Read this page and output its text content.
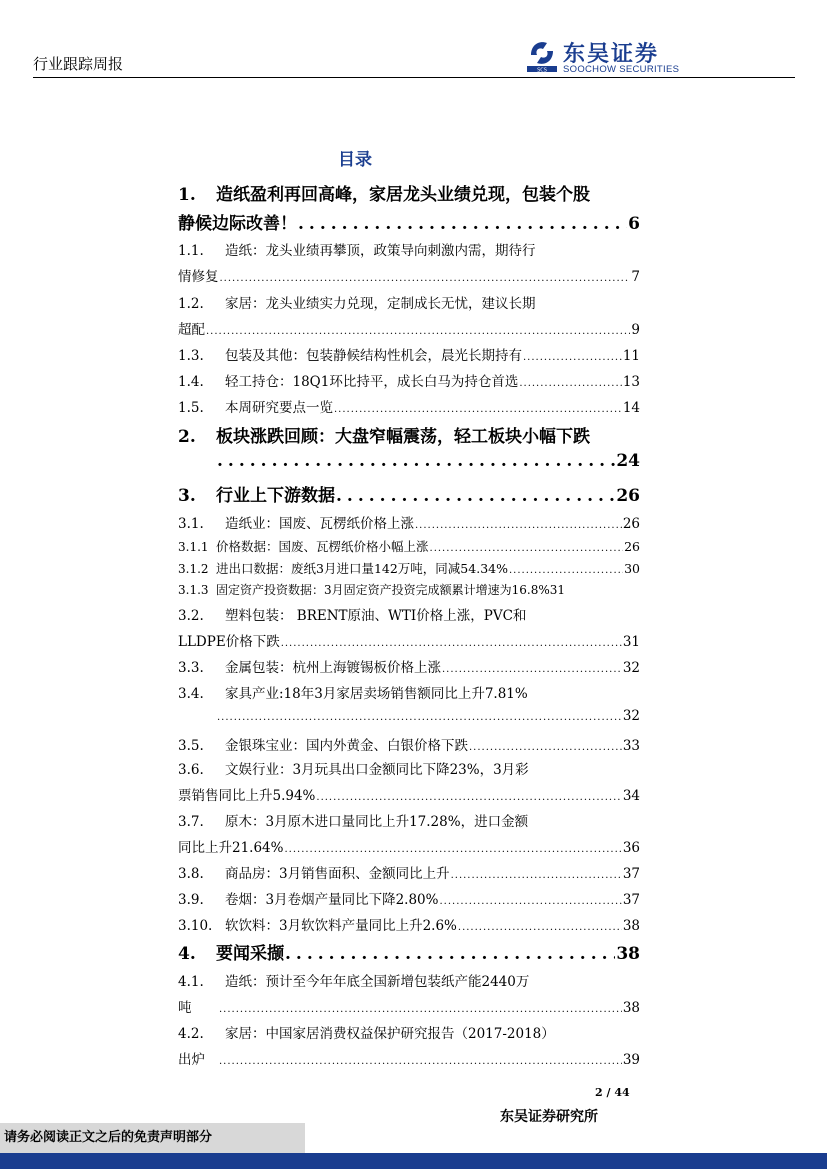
行业跟踪周报	SCS
东吴证券
SOOCHOW SECURITIES
目录
1. 造纸盈利再回高峰，家居龙头业绩兑现，包装个股
静候边际改善！ .....	6
1.1. 造纸：龙头业绩再攀顶，政策导向刺激内需，期待行
情修复 .....	7
1.2. 家居：龙头业绩实力兑现，定制成长无忧，建议长期
超配 .....	9
1.3. 包装及其他：包装静候结构性机会，晨光长期持有 .....	11
1.4. 轻工持仓：18Q1环比持平，成长白马为持仓首选 .....	13
1.5. 本周研究要点一览 .....	14
2. 板块涨跌回顾：大盘窄幅震荡，轻工板块小幅下跌
.....
24
3. 行业上下游数据 .....	26
3.1. 造纸业：国废、瓦楞纸价格上涨 .....	26
3.1.1 价格数据：国废、瓦楞纸价格小幅上涨 .....	26
3.1.2 进出口数据：废纸3月进口量142万吨，同减54.34% .....	30
3.1.3 固定资产投资数据：3月固定资产投资完成额累计增速为16.8% 31
3.2. 塑料包装： BRENT原油、WTI价格上涨，PVC和
LLDPE价格下跌 .....	31
3.3. 金属包装：杭州上海镀锡板价格上涨 .....	32
3.4. 家具产业:18年3月家居卖场销售额同比上升7.81%
.....
32
3.5. 金银珠宝业：国内外黄金、白银价格下跌 .....	33
3.6. 文娱行业：3月玩具出口金额同比下降23%，3月彩
票销售同比上升5.94% .....	34
3.7. 原木：3月原木进口量同比上升17.28%，进口金额
同比上升21.64% .....	36
3.8. 商品房：3月销售面积、金额同比上升 .....	37
3.9. 卷烟：3月卷烟产量同比下降2.80% .....	37
3.10. 软饮料：3月软饮料产量同比上升2.6% .....	38
4. 要闻采撷 .....	38
4.1. 造纸：预计至今年年底全国新增包装纸产能2440万
吨 .....	38
4.2. 家居：中国家居消费权益保护研究报告（2017-2018）
出炉 .....	39
2 / 44
东吴证券研究所
请务必阅读正文之后的免责声明部分
